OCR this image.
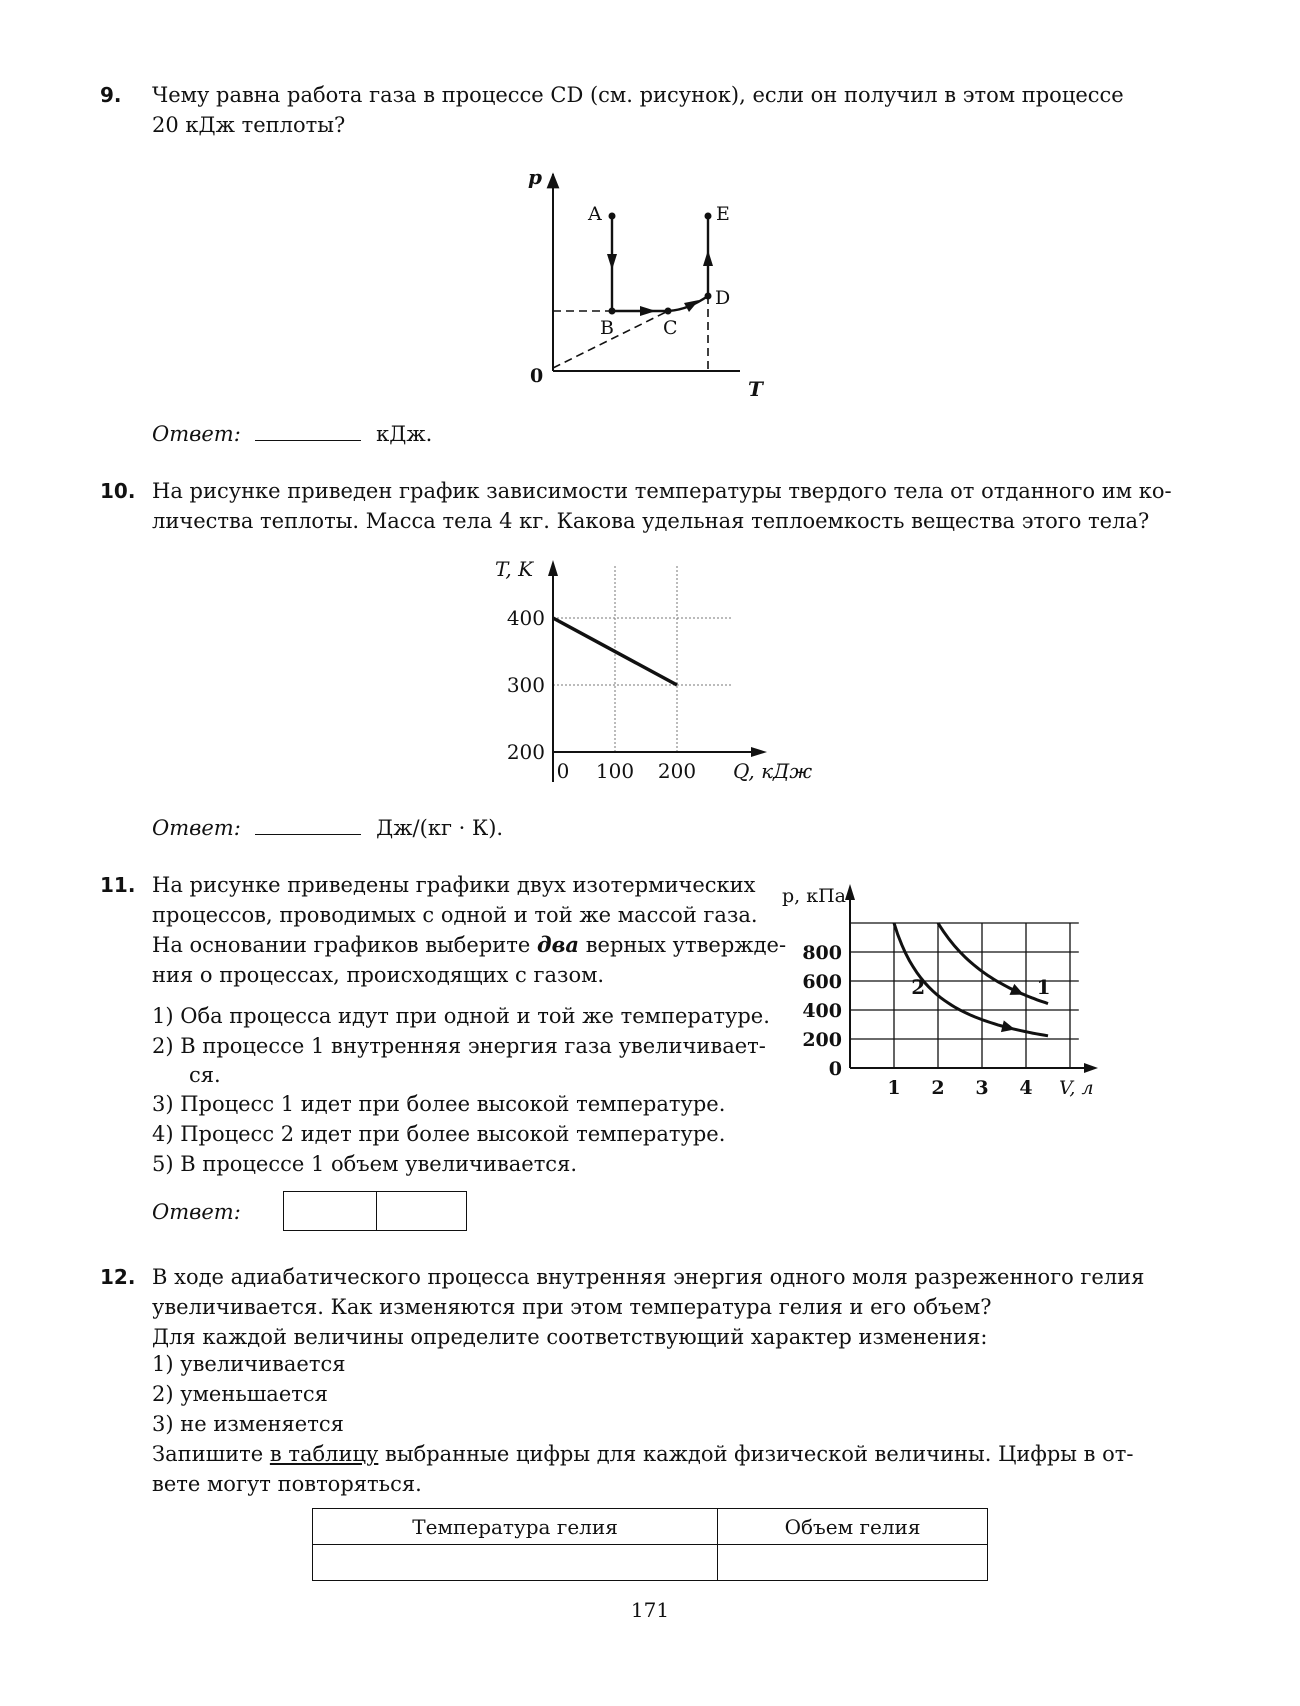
9. Чему равна работа газа в процессе CD (см. рисунок), если он получил в этом процессе
20 кДж теплоты?
p
T
0
A
B	C
D
E
Ответ:	кДж.
10. На рисунке приведен график зависимости температуры твердого тела от отданного им ко-
личества теплоты. Масса тела 4 кг. Какова удельная теплоемкость вещества этого тела?
200
300
400
0 100 200 Q, кДж
T, K
Ответ:	Дж/(кг · К).
11. На рисунке приведены графики двух изотермических
процессов, проводимых с одной и той же массой газа.
На основании графиков выберите два верных утвержде-
ния о процессах, происходящих с газом.
1) Оба процесса идут при одной и той же температуре.
2) В процессе 1 внутренняя энергия газа увеличивает-
ся.
3) Процесс 1 идет при более высокой температуре.
4) Процесс 2 идет при более высокой температуре.
5) В процессе 1 объем увеличивается.
0
200
400
600
800
1 2 3 4 V, л
p, кПа
1
2
Ответ:
12. В ходе адиабатического процесса внутренняя энергия одного моля разреженного гелия
увеличивается. Как изменяются при этом температура гелия и его объем?
Для каждой величины определите соответствующий характер изменения:
1) увеличивается
2) уменьшается
3) не изменяется
Запишите в таблицу выбранные цифры для каждой физической величины. Цифры в от-
вете могут повторяться.
Температура гелия	Объем гелия

171
